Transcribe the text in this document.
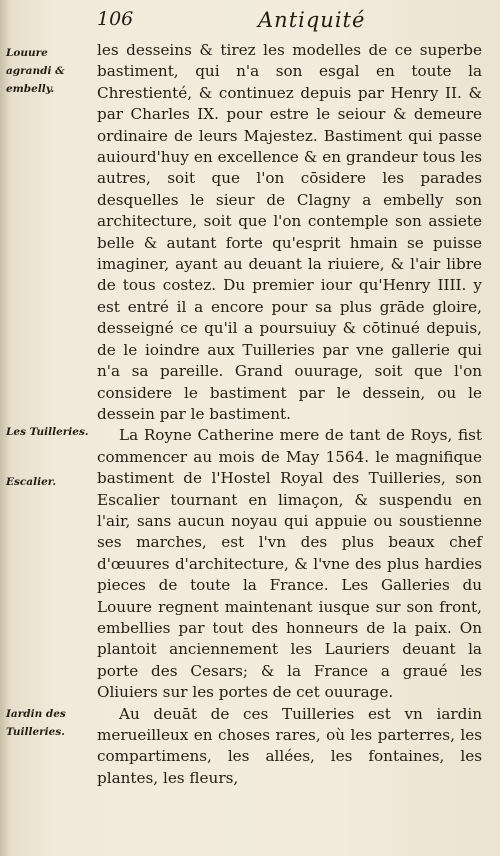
106	Antiquité
Louure agrandi & embelly.
Les Tuilleries.
Escalier.
Iardin des Tuilleries.

les desseins & tirez les modelles de ce superbe bastiment, qui n'a son esgal en toute la Chrestienté, & continuez depuis par Henry II. & par Charles IX. pour estre le seiour & demeure ordinaire de leurs Majestez. Bastiment qui passe auiourd'huy en excellence & en grandeur tous les autres, soit que l'on cōsidere les parades desquelles le sieur de Clagny a embelly son architecture, soit que l'on contemple son assiete belle & autant forte qu'esprit hmain se puisse imaginer, ayant au deuant la riuiere, & l'air libre de tous costez. Du premier iour qu'Henry IIII. y est entré il a encore pour sa plus grāde gloire, desseigné ce qu'il a poursuiuy & cōtinué depuis, de le ioindre aux Tuilleries par vne gallerie qui n'a sa pareille. Grand ouurage, soit que l'on considere le bastiment par le dessein, ou le dessein par le bastiment.

La Royne Catherine mere de tant de Roys, fist commencer au mois de May 1564. le magnifique bastiment de l'Hostel Royal des Tuilleries, son Escalier tournant en limaçon, & suspendu en l'air, sans aucun noyau qui appuie ou soustienne ses marches, est l'vn des plus beaux chef d'œuures d'architecture, & l'vne des plus hardies pieces de toute la France. Les Galleries du Louure regnent maintenant iusque sur son front, embellies par tout des honneurs de la paix. On plantoit anciennement les Lauriers deuant la porte des Cesars; & la France a graué les Oliuiers sur les portes de cet ouurage.

Au deuāt de ces Tuilleries est vn iardin merueilleux en choses rares, où les parterres, les compartimens, les allées, les fontaines, les plantes, les fleurs,
